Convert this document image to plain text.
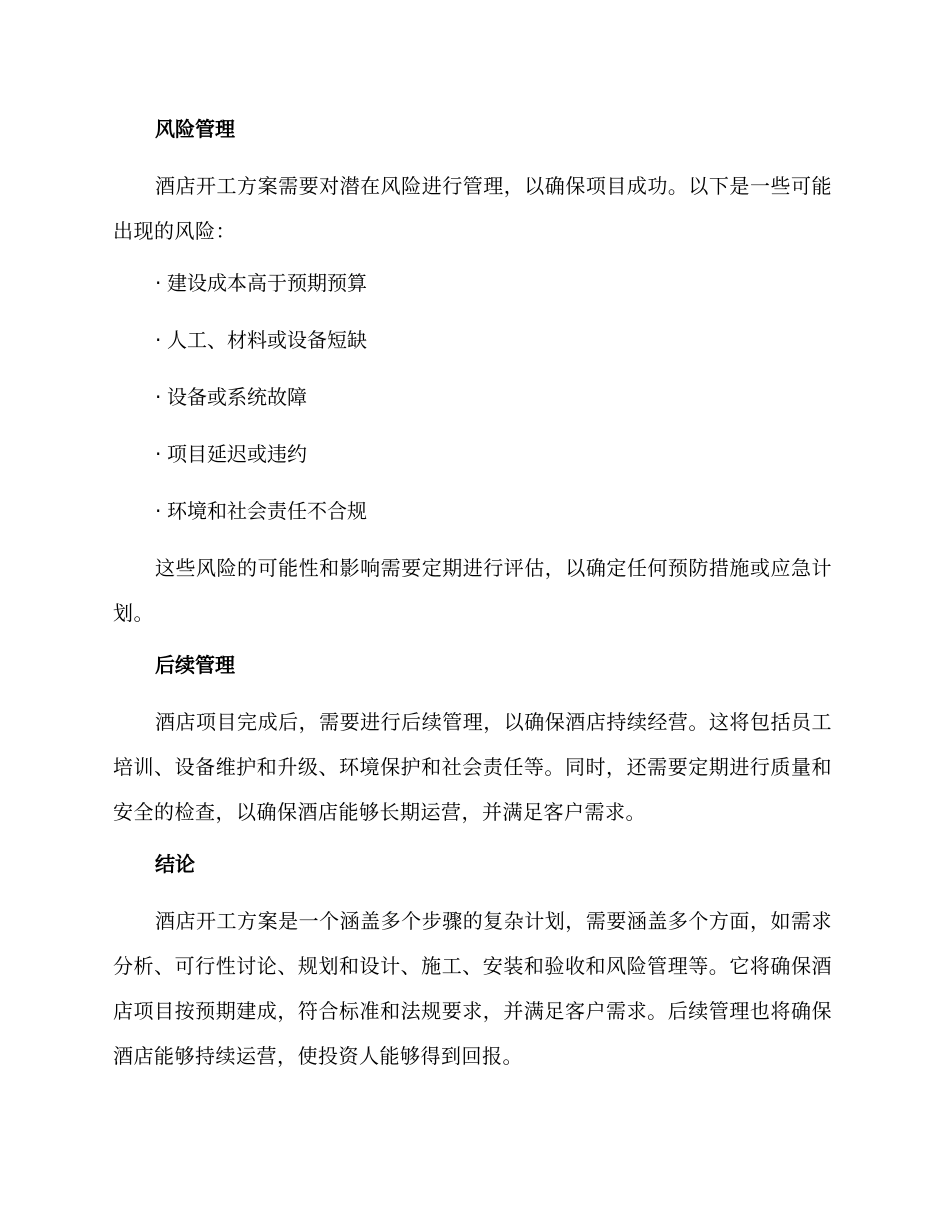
风险管理

酒店开工方案需要对潜在风险进行管理，以确保项目成功。以下是一些可能出现的风险：

· 建设成本高于预期预算
· 人工、材料或设备短缺
· 设备或系统故障
· 项目延迟或违约
· 环境和社会责任不合规

这些风险的可能性和影响需要定期进行评估，以确定任何预防措施或应急计划。

后续管理

酒店项目完成后，需要进行后续管理，以确保酒店持续经营。这将包括员工培训、设备维护和升级、环境保护和社会责任等。同时，还需要定期进行质量和安全的检查，以确保酒店能够长期运营，并满足客户需求。

结论

酒店开工方案是一个涵盖多个步骤的复杂计划，需要涵盖多个方面，如需求分析、可行性讨论、规划和设计、施工、安装和验收和风险管理等。它将确保酒店项目按预期建成，符合标准和法规要求，并满足客户需求。后续管理也将确保酒店能够持续运营，使投资人能够得到回报。
